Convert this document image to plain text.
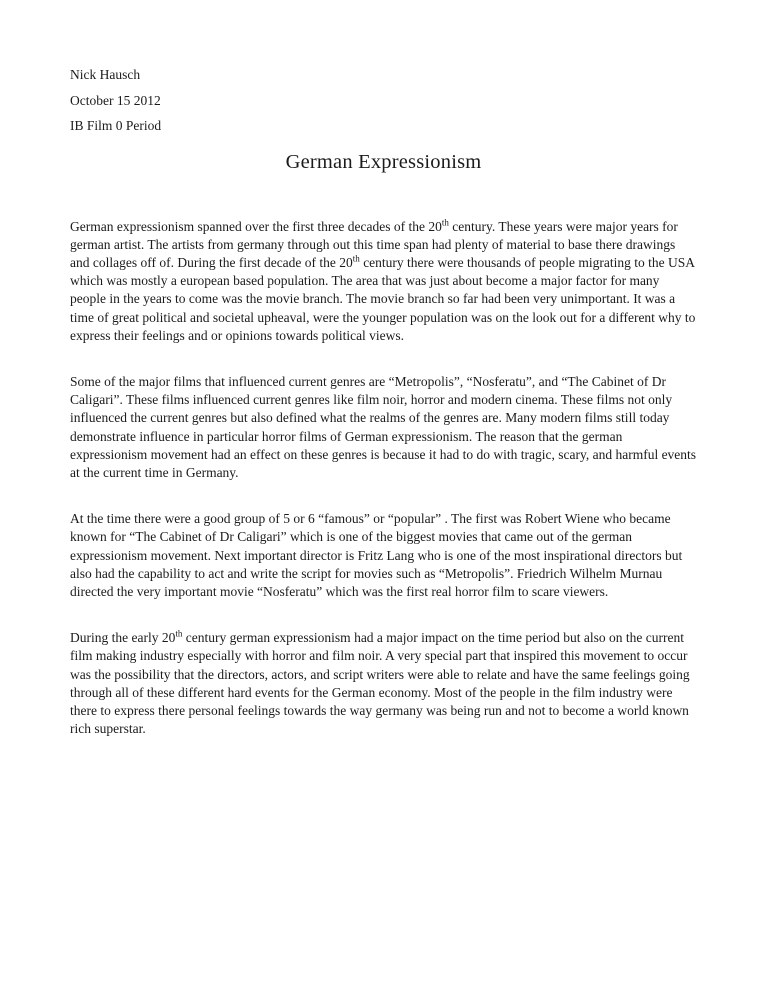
Nick Hausch
October 15 2012
IB Film 0 Period
German Expressionism

German expressionism spanned over the first three decades of the 20th century. These years were major years for german artist. The artists from germany through out this time span had plenty of material to base there drawings and collages off of. During the first decade of the 20th century there were thousands of people migrating to the USA which was mostly a european based population. The area that was just about become a major factor for many people in the years to come was the movie branch. The movie branch so far had been very unimportant. It was a time of great political and societal upheaval, were the younger population was on the look out for a different why to express their feelings and or opinions towards political views.

Some of the major films that influenced current genres are “Metropolis”, “Nosferatu”, and “The Cabinet of Dr Caligari”. These films influenced current genres like film noir, horror and modern cinema. These films not only influenced the current genres but also defined what the realms of the genres are. Many modern films still today demonstrate influence in particular horror films of German expressionism. The reason that the german expressionism movement had an effect on these genres is because it had to do with tragic, scary, and harmful events at the current time in Germany.

At the time there were a good group of 5 or 6 “famous” or “popular” . The first was Robert Wiene who became known for “The Cabinet of Dr Caligari” which is one of the biggest movies that came out of the german expressionism movement. Next important director is Fritz Lang who is one of the most inspirational directors but also had the capability to act and write the script for movies such as “Metropolis”. Friedrich Wilhelm Murnau directed the very important movie “Nosferatu” which was the first real horror film to scare viewers.

During the early 20th century german expressionism had a major impact on the time period but also on the current film making industry especially with horror and film noir. A very special part that inspired this movement to occur was the possibility that the directors, actors, and script writers were able to relate and have the same feelings going through all of these different hard events for the German economy. Most of the people in the film industry were there to express there personal feelings towards the way germany was being run and not to become a world known rich superstar.
